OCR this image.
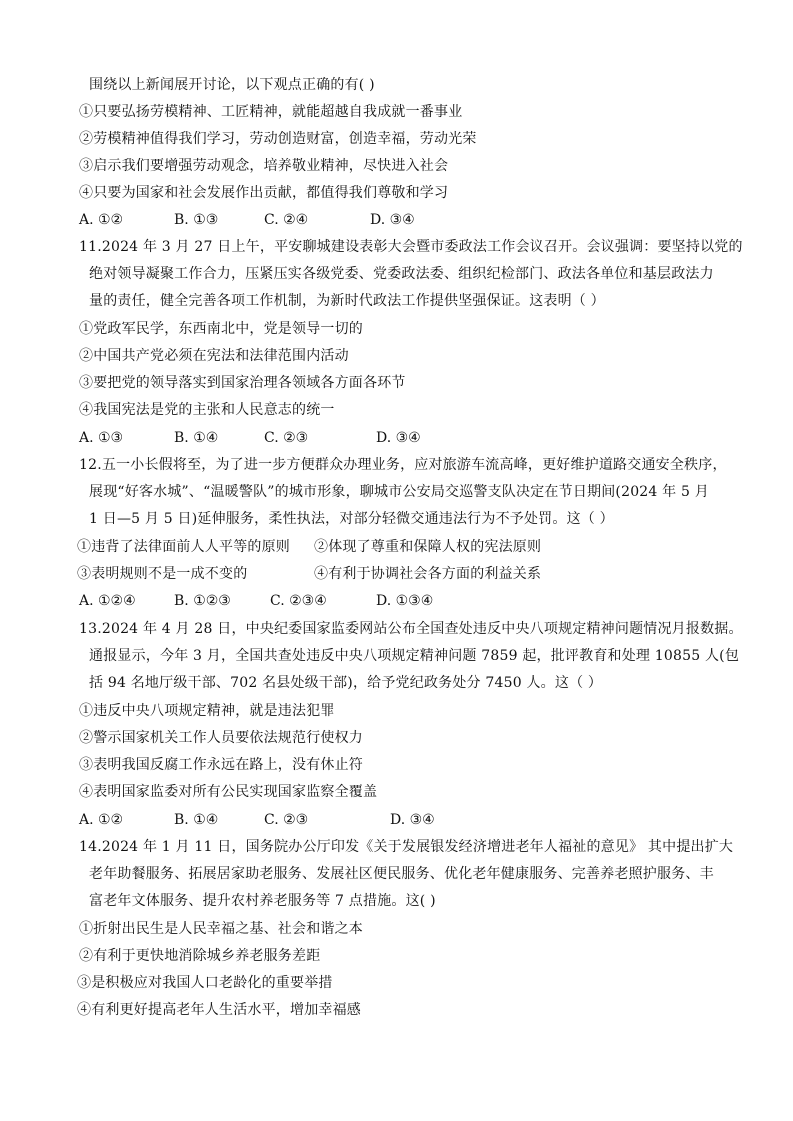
围绕以上新闻展开讨论，以下观点正确的有( )
①只要弘扬劳模精神、工匠精神，就能超越自我成就一番事业
②劳模精神值得我们学习，劳动创造财富，创造幸福，劳动光荣
③启示我们要增强劳动观念，培养敬业精神，尽快进入社会
④只要为国家和社会发展作出贡献，都值得我们尊敬和学习
A. ①②	B. ①③	C. ②④	D. ③④
11.2024 年 3 月 27 日上午，平安聊城建设表彰大会暨市委政法工作会议召开。会议强调：要坚持以党的
绝对领导凝聚工作合力，压紧压实各级党委、党委政法委、组织纪检部门、政法各单位和基层政法力
量的责任，健全完善各项工作机制，为新时代政法工作提供坚强保证。这表明（ ）
①党政军民学，东西南北中，党是领导一切的
②中国共产党必须在宪法和法律范围内活动
③要把党的领导落实到国家治理各领域各方面各环节
④我国宪法是党的主张和人民意志的统一
A. ①③	B. ①④	C. ②③	D. ③④
12.五一小长假将至，为了进一步方便群众办理业务，应对旅游车流高峰，更好维护道路交通安全秩序，
展现“好客水城”、“温暖警队”的城市形象，聊城市公安局交巡警支队决定在节日期间(2024 年 5 月
1 日—5 月 5 日)延伸服务，柔性执法，对部分轻微交通违法行为不予处罚。这（ ）
①违背了法律面前人人平等的原则 ②体现了尊重和保障人权的宪法原则
③表明规则不是一成不变的	④有利于协调社会各方面的利益关系
A. ①②④	B. ①②③	C. ②③④	D. ①③④
13.2024 年 4 月 28 日，中央纪委国家监委网站公布全国查处违反中央八项规定精神问题情况月报数据。
通报显示，今年 3 月，全国共查处违反中央八项规定精神问题 7859 起，批评教育和处理 10855 人(包
括 94 名地厅级干部、702 名县处级干部)，给予党纪政务处分 7450 人。这（ ）
①违反中央八项规定精神，就是违法犯罪
②警示国家机关工作人员要依法规范行使权力
③表明我国反腐工作永远在路上，没有休止符
④表明国家监委对所有公民实现国家监察全覆盖
A. ①②	B. ①④	C. ②③	D. ③④
14.2024 年 1 月 11 日，国务院办公厅印发《关于发展银发经济增进老年人福祉的意见》 其中提出扩大
老年助餐服务、拓展居家助老服务、发展社区便民服务、优化老年健康服务、完善养老照护服务、丰
富老年文体服务、提升农村养老服务等 7 点措施。这( )
①折射出民生是人民幸福之基、社会和谐之本
②有利于更快地消除城乡养老服务差距
③是积极应对我国人口老龄化的重要举措
④有利更好提高老年人生活水平，增加幸福感
